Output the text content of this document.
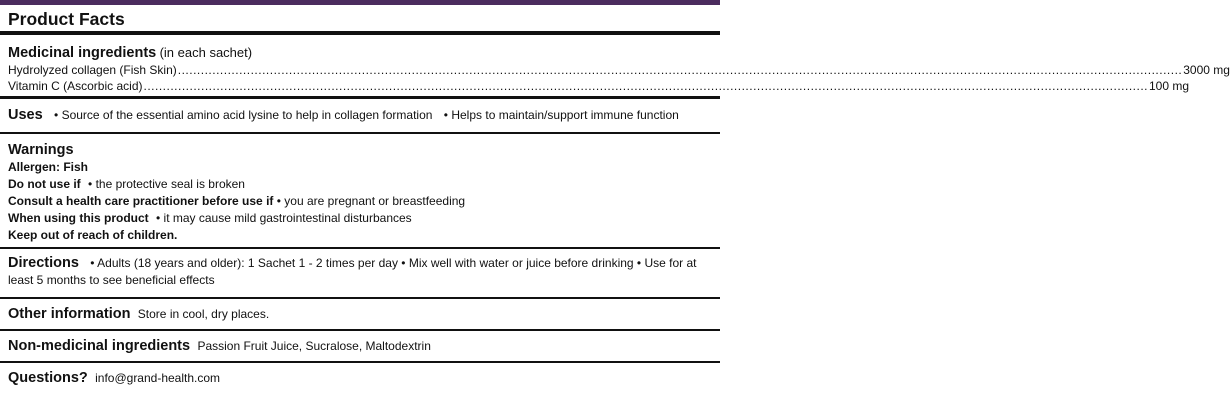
Product Facts
Medicinal ingredients (in each sachet)
Hydrolyzed collagen (Fish Skin) ...................................................................................................................................................................................................................................................................... 3000 mg
Vitamin C (Ascorbic acid) ...................................................................................................................................................................................................................................................................... 100 mg
Uses • Source of the essential amino acid lysine to help in collagen formation • Helps to maintain/support immune function
Warnings
Allergen: Fish
Do not use if • the protective seal is broken
Consult a health care practitioner before use if • you are pregnant or breastfeeding
When using this product • it may cause mild gastrointestinal disturbances
Keep out of reach of children.
Directions • Adults (18 years and older): 1 Sachet 1 - 2 times per day • Mix well with water or juice before drinking • Use for at
least 5 months to see beneficial effects
Other information Store in cool, dry places.
Non-medicinal ingredients Passion Fruit Juice, Sucralose, Maltodextrin
Questions? info@grand-health.com
